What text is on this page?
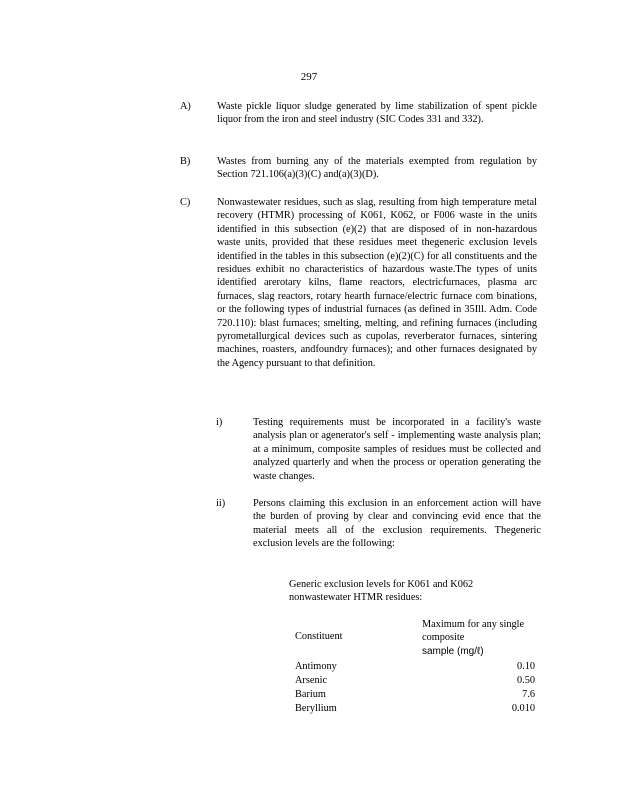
297
A)	Waste pickle liquor sludge generated by lime stabilization of spent pickle liquor from the iron and steel industry (SIC Codes 331 and 332).

B)	Wastes from burning any of the materials exempted from regulation by Section 721.106(a)(3)(C) and(a)(3)(D).

C)	Nonwastewater residues, such as slag, resulting from high temperature metal recovery (HTMR) processing of K061, K062, or F006 waste in the units identified in this subsection (e)(2) that are disposed of in non-hazardous waste units, provided that these residues meet thegeneric exclusion levels identified in the tables in this subsection (e)(2)(C) for all constituents and the residues exhibit no characteristics of hazardous waste.The types of units identified arerotary kilns, flame reactors, electricfurnaces, plasma arc furnaces, slag reactors, rotary hearth furnace/electric furnace com binations, or the following types of industrial furnaces (as defined in 35Ill. Adm. Code 720.110): blast furnaces; smelting, melting, and refining furnaces (including pyrometallurgical devices such as cupolas, reverberator furnaces, sintering machines, roasters, andfoundry furnaces); and other furnaces designated by the Agency pursuant to that definition.

i)	Testing requirements must be incorporated in a facility's waste analysis plan or agenerator's self - implementing waste analysis plan; at a minimum, composite samples of residues must be collected and analyzed quarterly and when the process or operation generating the waste changes.

ii)	Persons claiming this exclusion in an enforcement action will have the burden of proving by clear and convincing evid ence that the material meets all of the exclusion requirements. Thegeneric exclusion levels are the following:

Generic exclusion levels for K061 and K062 nonwastewater HTMR residues:
Constituent
Maximum for any single composite
sample (mg/ℓ)
Antimony	0.10
Arsenic	0.50
Barium	7.6
Beryllium	0.010
